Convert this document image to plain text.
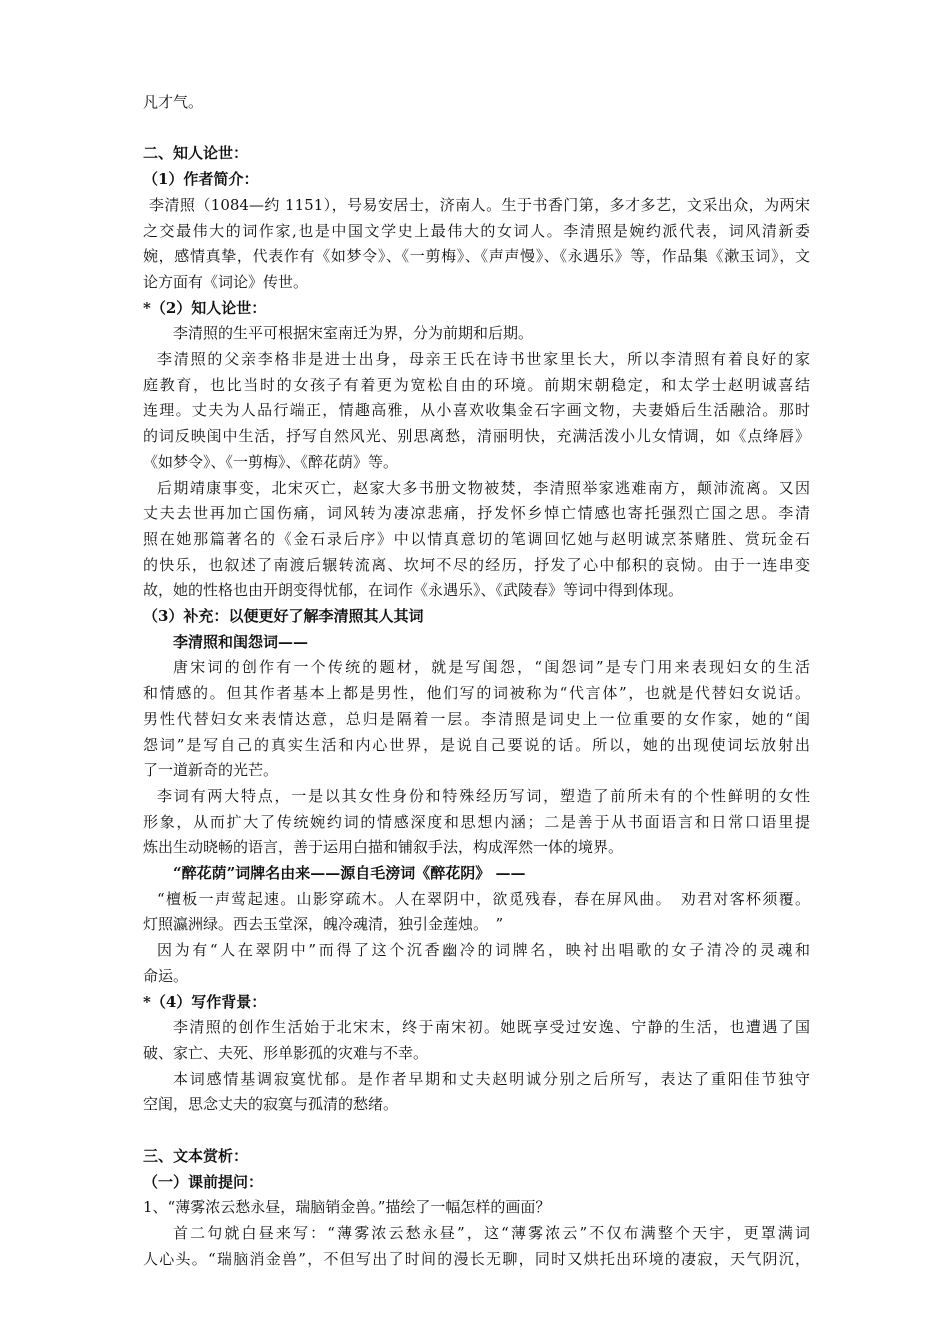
凡才气。
二、知人论世：
（1）作者简介：
李清照（1084—约 1151），号易安居士，济南人。生于书香门第，多才多艺，文采出众，为两宋
之交最伟大的词作家,也是中国文学史上最伟大的女词人。李清照是婉约派代表，词风清新委
婉，感情真挚，代表作有《如梦令》、《一剪梅》、《声声慢》、《永遇乐》等，作品集《漱玉词》，文
论方面有《词论》传世。
*（2）知人论世：
李清照的生平可根据宋室南迁为界，分为前期和后期。
李清照的父亲李格非是进士出身，母亲王氏在诗书世家里长大，所以李清照有着良好的家
庭教育，也比当时的女孩子有着更为宽松自由的环境。前期宋朝稳定，和太学士赵明诚喜结
连理。丈夫为人品行端正，情趣高雅，从小喜欢收集金石字画文物，夫妻婚后生活融洽。那时
的词反映闺中生活，抒写自然风光、别思离愁，清丽明快，充满活泼小儿女情调，如《点绛唇》
《如梦令》、《一剪梅》、《醉花荫》等。
后期靖康事变，北宋灭亡，赵家大多书册文物被焚，李清照举家逃难南方，颠沛流离。又因
丈夫去世再加亡国伤痛，词风转为凄凉悲痛，抒发怀乡悼亡情感也寄托强烈亡国之思。李清
照在她那篇著名的《金石录后序》中以情真意切的笔调回忆她与赵明诚烹茶赌胜、赏玩金石
的快乐，也叙述了南渡后辗转流离、坎坷不尽的经历，抒发了心中郁积的哀恸。由于一连串变
故，她的性格也由开朗变得忧郁，在词作《永遇乐》、《武陵春》等词中得到体现。
（3）补充：以便更好了解李清照其人其词
李清照和闺怨词——
唐宋词的创作有一个传统的题材，就是写闺怨，“闺怨词”是专门用来表现妇女的生活
和情感的。但其作者基本上都是男性，他们写的词被称为“代言体”，也就是代替妇女说话。
男性代替妇女来表情达意，总归是隔着一层。李清照是词史上一位重要的女作家，她的“闺
怨词”是写自己的真实生活和内心世界，是说自己要说的话。所以，她的出现使词坛放射出
了一道新奇的光芒。
李词有两大特点，一是以其女性身份和特殊经历写词，塑造了前所未有的个性鲜明的女性
形象，从而扩大了传统婉约词的情感深度和思想内涵；二是善于从书面语言和日常口语里提
炼出生动晓畅的语言，善于运用白描和铺叙手法，构成浑然一体的境界。
“醉花荫”词牌名由来——源自毛滂词《醉花阴》 ——
“檀板一声莺起速。山影穿疏木。人在翠阴中，欲觅残春，春在屏风曲。　劝君对客杯须覆。
灯照瀛洲绿。西去玉堂深，魄冷魂清，独引金莲烛。　”
因为有“人在翠阴中”而得了这个沉香幽冷的词牌名，映衬出唱歌的女子清冷的灵魂和
命运。
*（4）写作背景：
李清照的创作生活始于北宋末，终于南宋初。她既享受过安逸、宁静的生活，也遭遇了国
破、家亡、夫死、形单影孤的灾难与不幸。
本词感情基调寂寞忧郁。是作者早期和丈夫赵明诚分别之后所写，表达了重阳佳节独守
空闺，思念丈夫的寂寞与孤清的愁绪。
三、文本赏析：
（一）课前提问：
1、“薄雾浓云愁永昼，瑞脑销金兽。”描绘了一幅怎样的画面？
首二句就白昼来写：“薄雾浓云愁永昼”，这“薄雾浓云”不仅布满整个天宇，更罩满词
人心头。“瑞脑消金兽”，不但写出了时间的漫长无聊，同时又烘托出环境的凄寂，天气阴沉，
